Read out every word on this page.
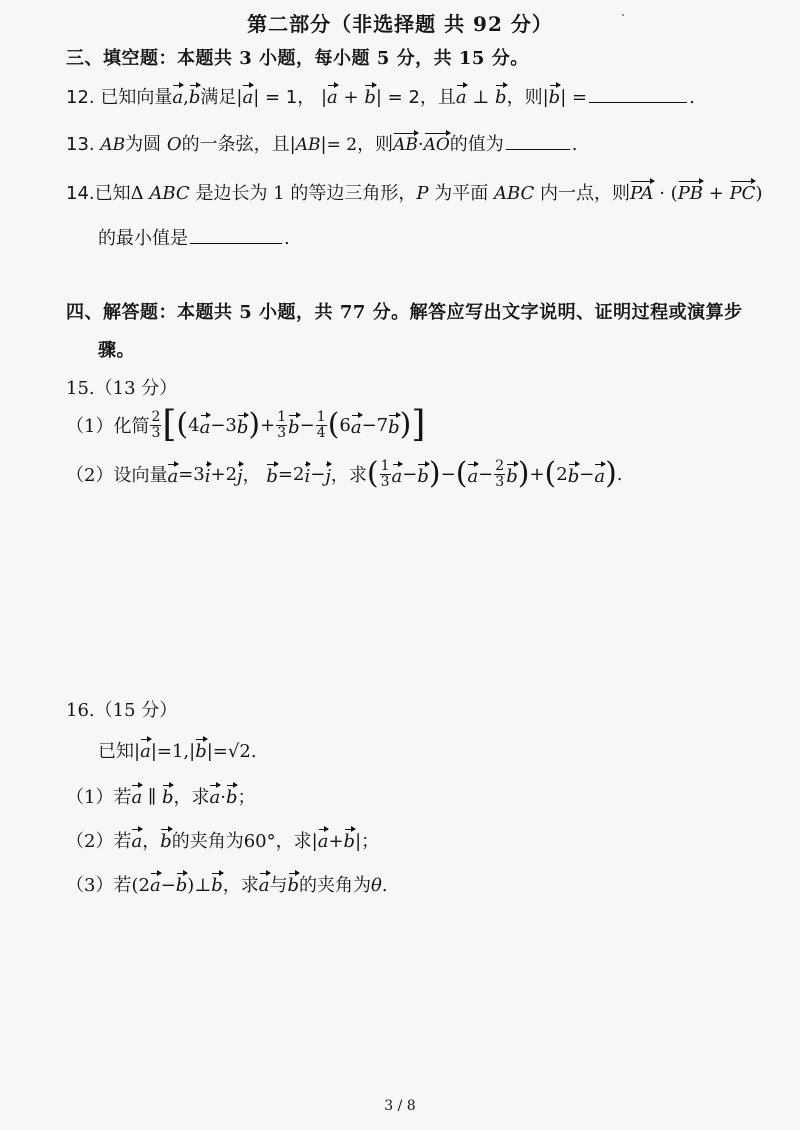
第二部分（非选择题 共 92 分）
三、填空题：本题共 3 小题，每小题 5 分，共 15 分。
12. 已知向量a,b满足|a| = 1， |a + b| = 2，且a ⊥ b，则|b| =	.
13. AB为圆 O的一条弦，且|AB|= 2，则AB·AO的值为	.
14.已知Δ ABC 是边长为 1 的等边三角形，P 为平面 ABC 内一点，则PA · (PB + PC)
的最小值是	.
四、解答题：本题共 5 小题，共 77 分。解答应写出文字说明、证明过程或演算步
骤。
15.（13 分）
（1）化简 $\frac{2}{3}$ [ ( 4 a −3 b ) + $\frac{1}{3}$ $b - \frac{1}{4}$ ( 6 a −7 b ) ]
（2）设向量 a =3 i +2 j ，
b =2 i − j ，求 ( $\frac{1}{3}$ a − b ) − ( $a - \frac{2}{3}$ b ) + ( 2 b − a ) .
16.（15 分）
已知|a|=1,|b|=√2.
（1）若a ∥ b，求a·b；
（2）若a，b的夹角为60°，求|a+b|；
（3）若(2a−b)⊥b，求a与b的夹角为θ.
3 / 8
